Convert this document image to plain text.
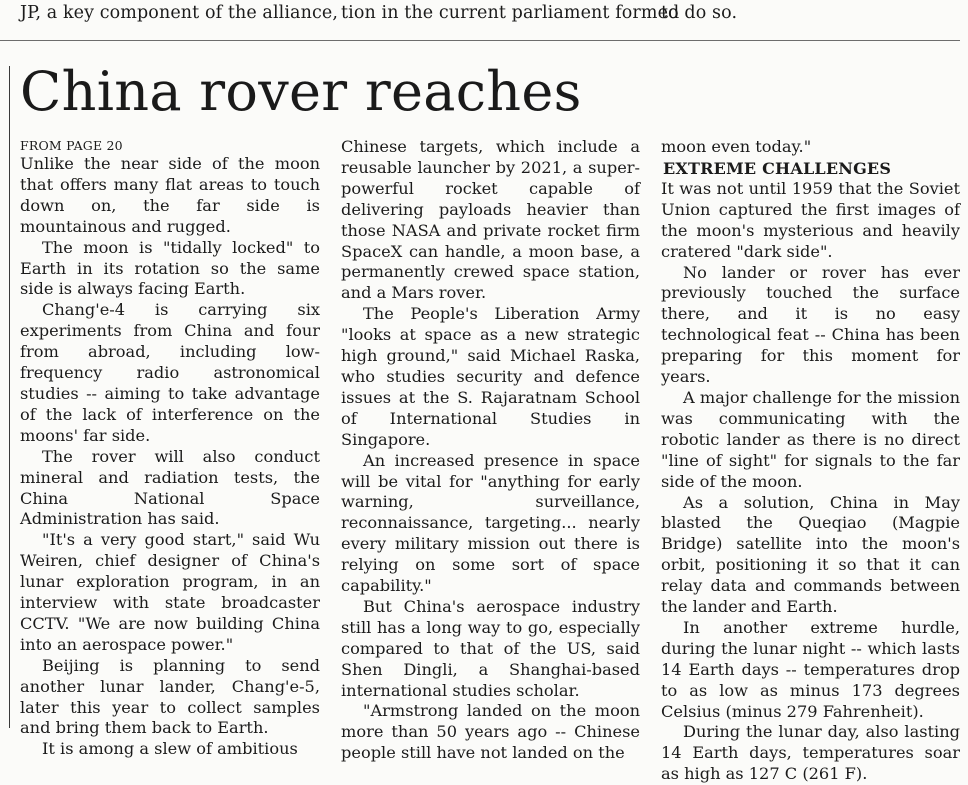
JP, a key component of the alliance, tion in the current parliament formed
to do so.
China rover reaches
FROM PAGE 20

Unlike the near side of the moon that offers many flat areas to touch down on, the far side is mountainous and rugged.

The moon is "tidally locked" to Earth in its rotation so the same side is always facing Earth.

Chang'e-4 is carrying six experiments from China and four from abroad, including low-frequency radio astronomical studies -- aiming to take advantage of the lack of interference on the moons' far side.

The rover will also conduct mineral and radiation tests, the China National Space Administration has said.

"It's a very good start," said Wu Weiren, chief designer of China's lunar exploration program, in an interview with state broadcaster CCTV. "We are now building China into an aerospace power."

Beijing is planning to send another lunar lander, Chang'e-5, later this year to collect samples and bring them back to Earth.

It is among a slew of ambitious

Chinese targets, which include a reusable launcher by 2021, a super-powerful rocket capable of delivering payloads heavier than those NASA and private rocket firm SpaceX can handle, a moon base, a permanently crewed space station, and a Mars rover.

The People's Liberation Army "looks at space as a new strategic high ground," said Michael Raska, who studies security and defence issues at the S. Rajaratnam School of International Studies in Singapore.

An increased presence in space will be vital for "anything for early warning, surveillance, reconnaissance, targeting... nearly every military mission out there is relying on some sort of space capability."

But China's aerospace industry still has a long way to go, especially compared to that of the US, said Shen Dingli, a Shanghai-based international studies scholar.

"Armstrong landed on the moon more than 50 years ago -- Chinese people still have not landed on the

moon even today."

EXTREME CHALLENGES

It was not until 1959 that the Soviet Union captured the first images of the moon's mysterious and heavily cratered "dark side".

No lander or rover has ever previously touched the surface there, and it is no easy technological feat -- China has been preparing for this moment for years.

A major challenge for the mission was communicating with the robotic lander as there is no direct "line of sight" for signals to the far side of the moon.

As a solution, China in May blasted the Queqiao (Magpie Bridge) satellite into the moon's orbit, positioning it so that it can relay data and commands between the lander and Earth.

In another extreme hurdle, during the lunar night -- which lasts 14 Earth days -- temperatures drop to as low as minus 173 degrees Celsius (minus 279 Fahrenheit).

During the lunar day, also lasting 14 Earth days, temperatures soar as high as 127 C (261 F).
